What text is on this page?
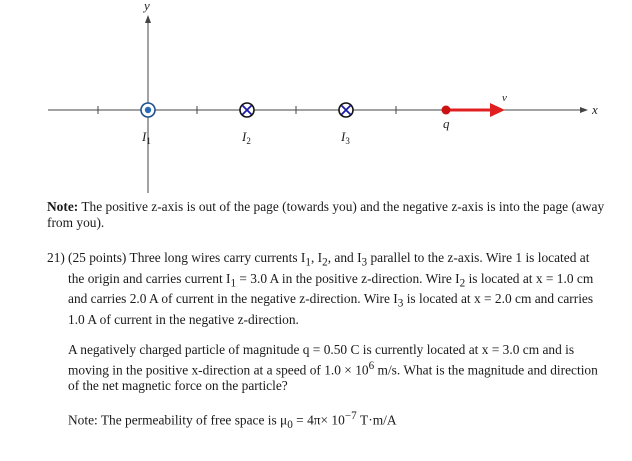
y
x
$I_1$	$I_2$	$I_3$
q
v
Note: The positive z-axis is out of the page (towards you) and the negative z-axis is into the page (away from you).
21) (25 points) Three long wires carry currents $I_1$, $I_2$, and $I_3$ parallel to the z-axis. Wire 1 is located at the origin and carries current $I_1 = 3.0$ A in the positive z-direction. Wire $I_2$ is located at x = 1.0 cm and carries 2.0 A of current in the negative z-direction. Wire $I_3$ is located at x = 2.0 cm and carries 1.0 A of current in the negative z-direction.
A negatively charged particle of magnitude q = 0.50 C is currently located at x = 3.0 cm and is moving in the positive x-direction at a speed of $1.0 \times 10^6$ m/s. What is the magnitude and direction of the net magnetic force on the particle?
Note: The permeability of free space is $\mu_0 = 4\pi\times 10^{-7}$ T·m/A
